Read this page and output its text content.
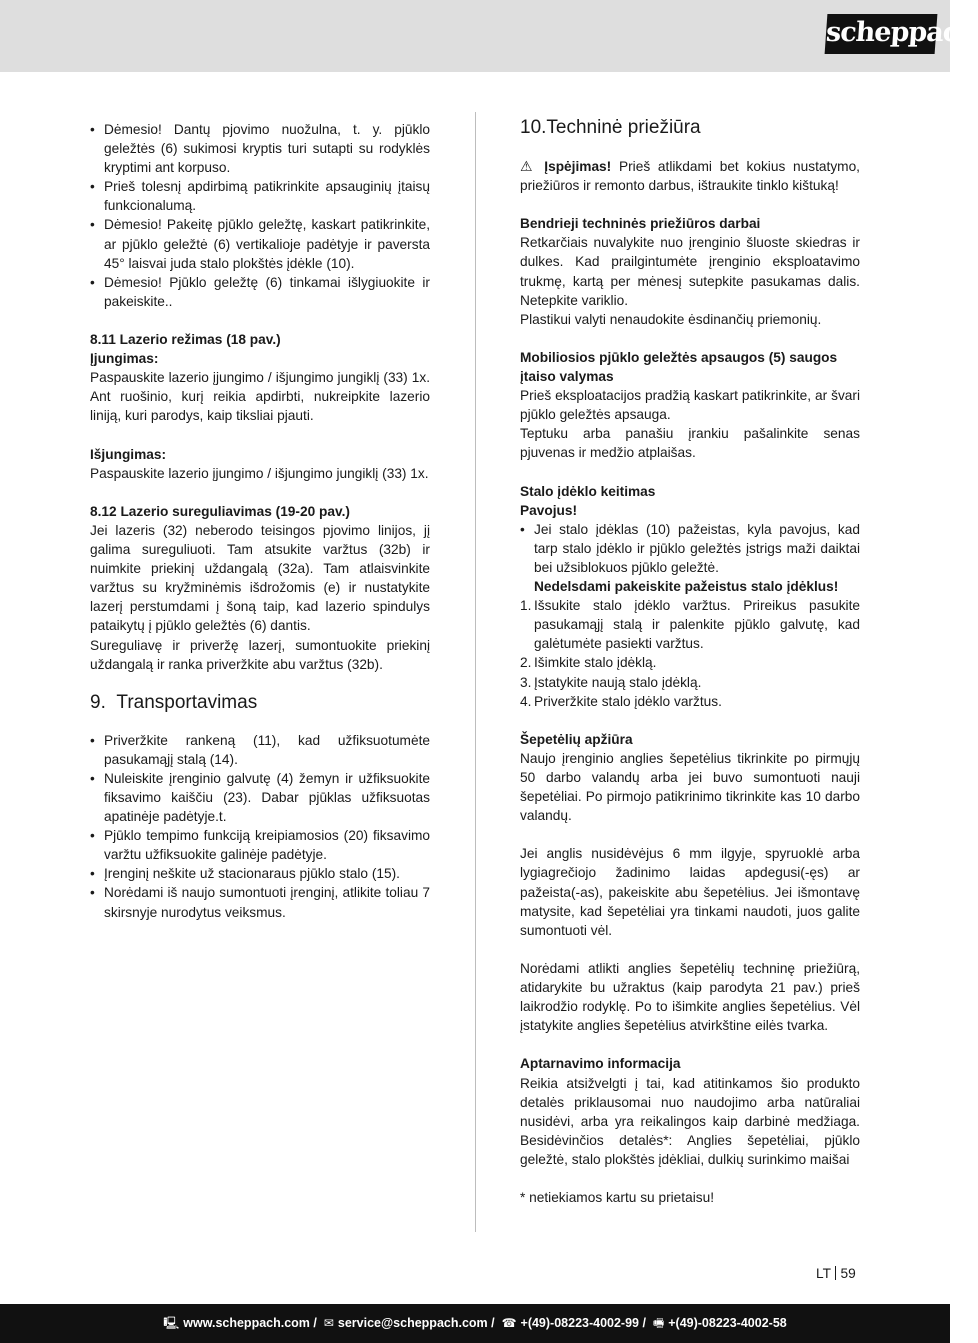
scheppach
• Dėmesio! Dantų pjovimo nuožulna, t. y. pjūklo geležtės (6) sukimosi kryptis turi sutapti su rodyklės kryptimi ant korpuso.
• Prieš tolesnį apdirbimą patikrinkite apsauginių įtaisų funkcionalumą.
• Dėmesio! Pakeitę pjūklo geležtę, kaskart patikrinkite, ar pjūklo geležtė (6) vertikalioje padėtyje ir paversta 45° laisvai juda stalo plokštės įdėkle (10).
• Dėmesio! Pjūklo geležtę (6) tinkamai išlygiuokite ir pakeiskite..

8.11 Lazerio režimas (18 pav.)

Įjungimas:

Paspauskite lazerio įjungimo / išjungimo jungiklį (33) 1x. Ant ruošinio, kurį reikia apdirbti, nukreipkite lazerio liniją, kuri parodys, kaip tiksliai pjauti.

Išjungimas:

Paspauskite lazerio įjungimo / išjungimo jungiklį (33) 1x.

8.12 Lazerio sureguliavimas (19-20 pav.)

Jei lazeris (32) neberodo teisingos pjovimo linijos, jį galima sureguliuoti. Tam atsukite varžtus (32b) ir nuimkite priekinį uždangalą (32a). Tam atlaisvinkite varžtus su kryžminėmis išdrožomis (e) ir nustatykite lazerį perstumdami į šoną taip, kad lazerio spindulys pataikytų į pjūklo geležtės (6) dantis.

Sureguliavę ir priveržę lazerį, sumontuokite priekinį uždangalą ir ranka priveržkite abu varžtus (32b).

9. Transportavimas

• Priveržkite rankeną (11), kad užfiksuotumėte pasukamąjį stalą (14).
• Nuleiskite įrenginio galvutę (4) žemyn ir užfiksuokite fiksavimo kaiščiu (23). Dabar pjūklas užfiksuotas apatinėje padėtyje.t.
• Pjūklo tempimo funkciją kreipiamosios (20) fiksavimo varžtu užfiksuokite galinėje padėtyje.
• Įrenginį neškite už stacionaraus pjūklo stalo (15).
• Norėdami iš naujo sumontuoti įrenginį, atlikite toliau 7 skirsnyje nurodytus veiksmus.

10.Techninė priežiūra

⚠ Įspėjimas! Prieš atlikdami bet kokius nustatymo, priežiūros ir remonto darbus, ištraukite tinklo kištuką!

Bendrieji techninės priežiūros darbai

Retkarčiais nuvalykite nuo įrenginio šluoste skiedras ir dulkes. Kad prailgintumėte įrenginio eksploatavimo trukmę, kartą per mėnesį sutepkite pasukamas dalis. Netepkite variklio.

Plastikui valyti nenaudokite ėsdinančių priemonių.

Mobiliosios pjūklo geležtės apsaugos (5) saugos įtaiso valymas

Prieš eksploatacijos pradžią kaskart patikrinkite, ar švari pjūklo geležtės apsauga.

Teptuku arba panašiu įrankiu pašalinkite senas pjuvenas ir medžio atplaišas.

Stalo įdėklo keitimas

Pavojus!

• Jei stalo įdėklas (10) pažeistas, kyla pavojus, kad tarp stalo įdėklo ir pjūklo geležtės įstrigs maži daiktai bei užsiblokuos pjūklo geležtė.

Nedelsdami pakeiskite pažeistus stalo įdėklus!

1. Išsukite stalo įdėklo varžtus. Prireikus pasukite pasukamąjį stalą ir palenkite pjūklo galvutę, kad galėtumėte pasiekti varžtus.
2. Išimkite stalo įdėklą.
3. Įstatykite naują stalo įdėklą.
4. Priveržkite stalo įdėklo varžtus.

Šepetėlių apžiūra

Naujo įrenginio anglies šepetėlius tikrinkite po pirmųjų 50 darbo valandų arba jei buvo sumontuoti nauji šepetėliai. Po pirmojo patikrinimo tikrinkite kas 10 darbo valandų.

Jei anglis nusidėvėjus 6 mm ilgyje, spyruoklė arba lygiagrečiojo žadinimo laidas apdegusi(-ęs) ar pažeista(-as), pakeiskite abu šepetėlius. Jei išmontavę matysite, kad šepetėliai yra tinkami naudoti, juos galite sumontuoti vėl.

Norėdami atlikti anglies šepetėlių techninę priežiūrą, atidarykite bu užraktus (kaip parodyta 21 pav.) prieš laikrodžio rodyklę. Po to išimkite anglies šepetėlius. Vėl įstatykite anglies šepetėlius atvirkštine eilės tvarka.

Aptarnavimo informacija

Reikia atsižvelgti į tai, kad atitinkamos šio produkto detalės priklausomai nuo naudojimo arba natūraliai nusidėvi, arba yra reikalingos kaip darbinė medžiaga. Besidėvinčios detalės*: Anglies šepetėliai, pjūklo geležtė, stalo plokštės įdėkliai, dulkių surinkimo maišai

* netiekiamos kartu su prietaisu!

LT 59
🖳 www.scheppach.com / ✉ service@scheppach.com / ☎ +(49)-08223-4002-99 / 🖷 +(49)-08223-4002-58
